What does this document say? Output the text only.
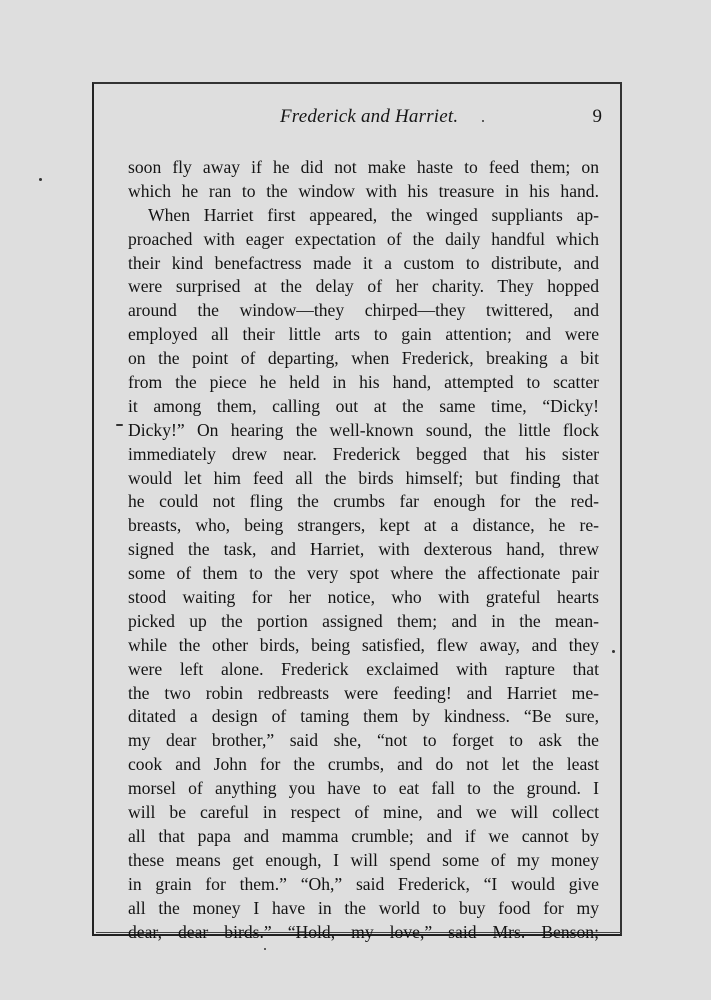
Frederick and Harriet.	9
soon fly away if he did not make haste to feed them; on
which he ran to the window with his treasure in his hand.
When Harriet first appeared, the winged suppliants ap-
proached with eager expectation of the daily handful which
their kind benefactress made it a custom to distribute, and
were surprised at the delay of her charity. They hopped
around the window—they chirped—they twittered, and
employed all their little arts to gain attention; and were
on the point of departing, when Frederick, breaking a bit
from the piece he held in his hand, attempted to scatter
it among them, calling out at the same time, “Dicky!
Dicky!” On hearing the well-known sound, the little flock
immediately drew near. Frederick begged that his sister
would let him feed all the birds himself; but finding that
he could not fling the crumbs far enough for the red-
breasts, who, being strangers, kept at a distance, he re-
signed the task, and Harriet, with dexterous hand, threw
some of them to the very spot where the affectionate pair
stood waiting for her notice, who with grateful hearts
picked up the portion assigned them; and in the mean-
while the other birds, being satisfied, flew away, and they
were left alone. Frederick exclaimed with rapture that
the two robin redbreasts were feeding! and Harriet me-
ditated a design of taming them by kindness. “Be sure,
my dear brother,” said she, “not to forget to ask the
cook and John for the crumbs, and do not let the least
morsel of anything you have to eat fall to the ground. I
will be careful in respect of mine, and we will collect
all that papa and mamma crumble; and if we cannot by
these means get enough, I will spend some of my money
in grain for them.” “Oh,” said Frederick, “I would give
all the money I have in the world to buy food for my
dear, dear birds.” “Hold, my love,” said Mrs. Benson;
